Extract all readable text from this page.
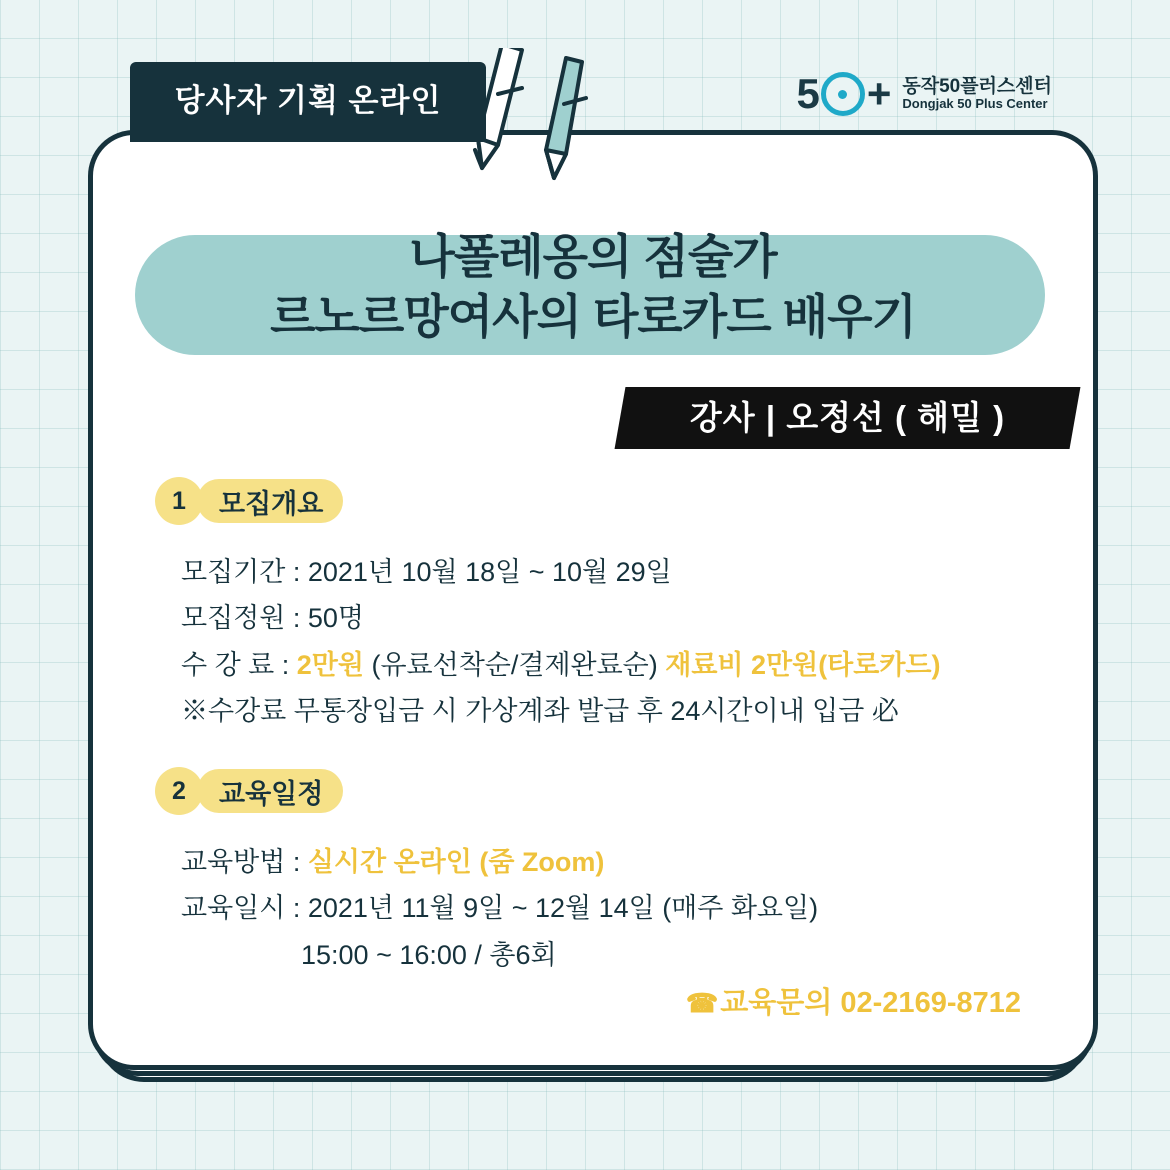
나폴레옹의 점술가
르노르망여사의 타로카드 배우기
강사 | 오정선 ( 해밀 )
1	모집개요
모집기간 : 2021년 10월 18일 ~ 10월 29일
모집정원 : 50명
수 강 료 : 2만원 (유료선착순/결제완료순) 재료비 2만원(타로카드)
※수강료 무통장입금 시 가상계좌 발급 후 24시간이내 입금 必
2	교육일정
교육방법 : 실시간 온라인 (줌 Zoom)
교육일시 : 2021년 11월 9일 ~ 12월 14일 (매주 화요일)
15:00 ~ 16:00 / 총6회
☎교육문의 02-2169-8712
당사자 기획 온라인	5 + 동작50플러스센터
Dongjak 50 Plus Center
